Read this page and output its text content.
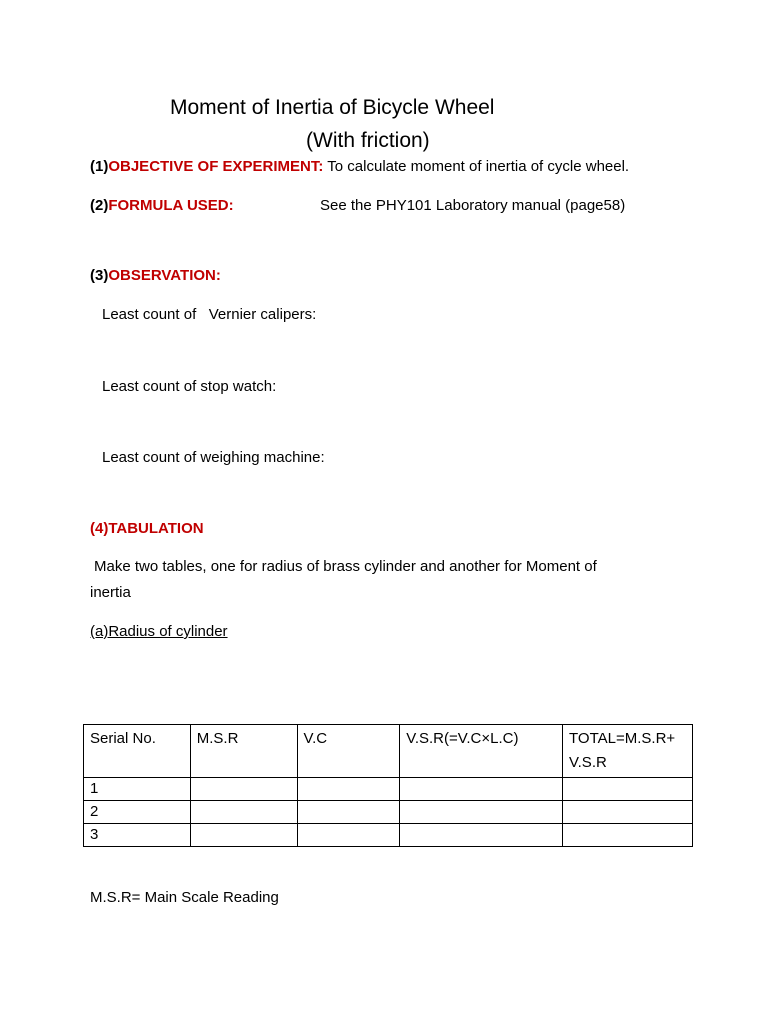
Moment of Inertia of Bicycle Wheel
(With friction)
(1)OBJECTIVE OF EXPERIMENT: To calculate moment of inertia of cycle wheel.
(2)FORMULA USED:	See the PHY101 Laboratory manual (page58)
(3)OBSERVATION:
Least count of   Vernier calipers:
Least count of stop watch:
Least count of weighing machine:
(4)TABULATION
Make two tables, one for radius of brass cylinder and another for Moment of
inertia
(a)Radius of cylinder
Serial No.	M.S.R	V.C	V.S.R(=V.C×L.C)	TOTAL=M.S.R+ V.S.R
1				
2				
3				
M.S.R= Main Scale Reading
